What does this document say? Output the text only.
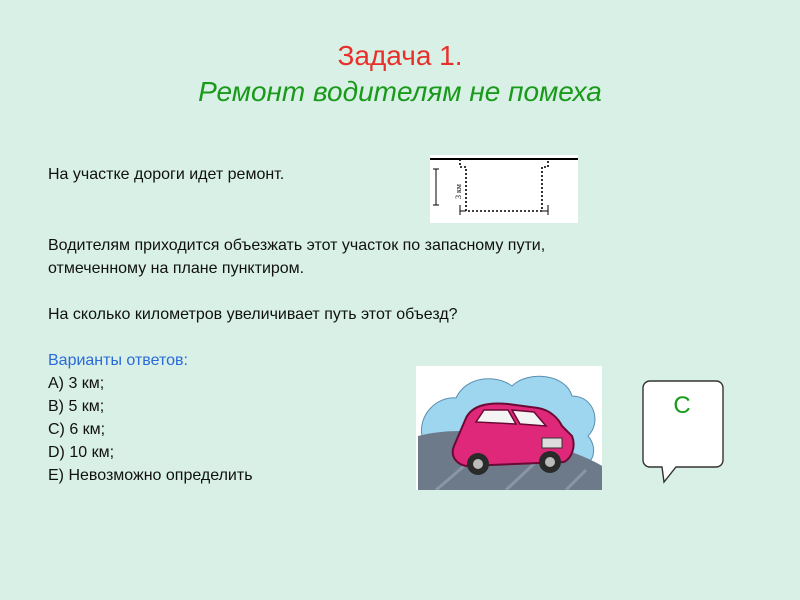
Задача 1.
Ремонт водителям не помеха
На участке дороги идет ремонт.
3 км
Водителям приходится объезжать этот участок по запасному пути,
отмеченному на плане пунктиром.
На сколько километров увеличивает путь этот объезд?
Варианты ответов:
A) 3 км;
B) 5 км;
C) 6 км;
D) 10 км;
E) Невозможно определить
C
